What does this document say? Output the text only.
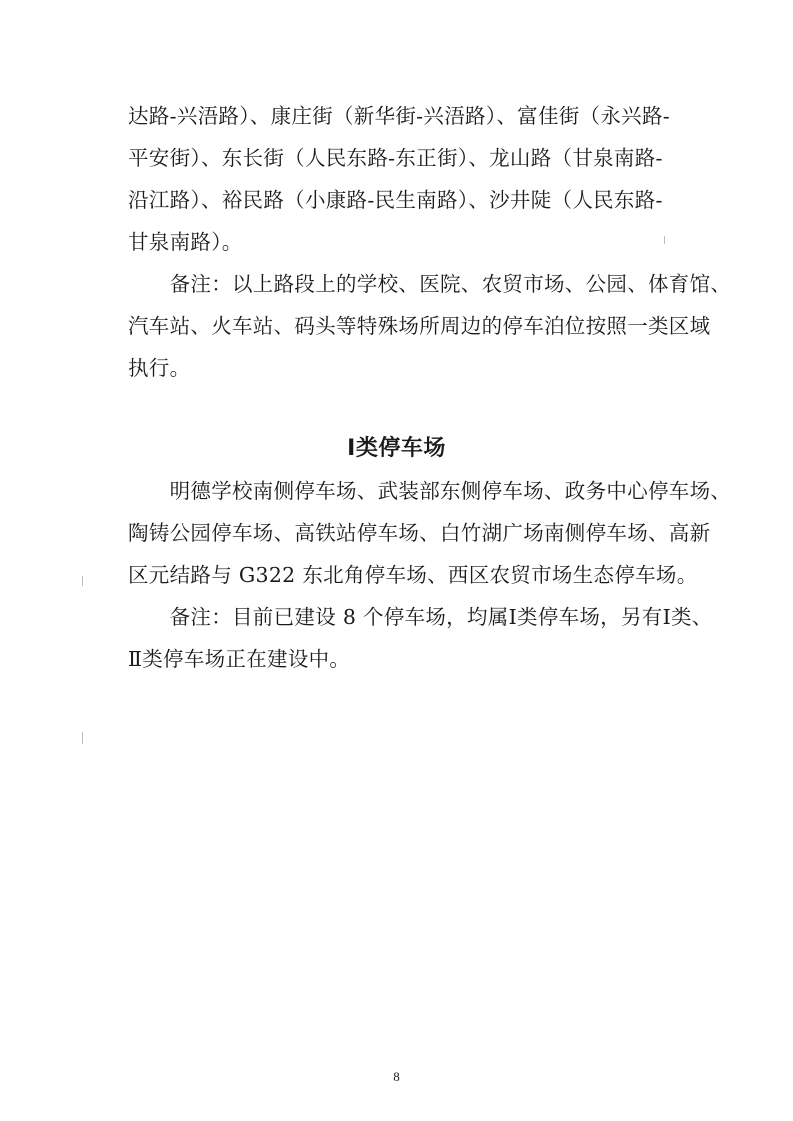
达路-兴浯路）、康庄街（新华街-兴浯路）、富佳街（永兴路-
平安街）、东长街（人民东路-东正街）、龙山路（甘泉南路-
沿江路）、裕民路（小康路-民生南路）、沙井陡（人民东路-
甘泉南路）。
　　备注：以上路段上的学校、医院、农贸市场、公园、体育馆、
汽车站、火车站、码头等特殊场所周边的停车泊位按照一类区域
执行。
Ⅰ类停车场
　　明德学校南侧停车场、武装部东侧停车场、政务中心停车场、
陶铸公园停车场、高铁站停车场、白竹湖广场南侧停车场、高新
区元结路与 G322 东北角停车场、西区农贸市场生态停车场。
　　备注：目前已建设 8 个停车场，均属Ⅰ类停车场，另有Ⅰ类、
Ⅱ类停车场正在建设中。
8
